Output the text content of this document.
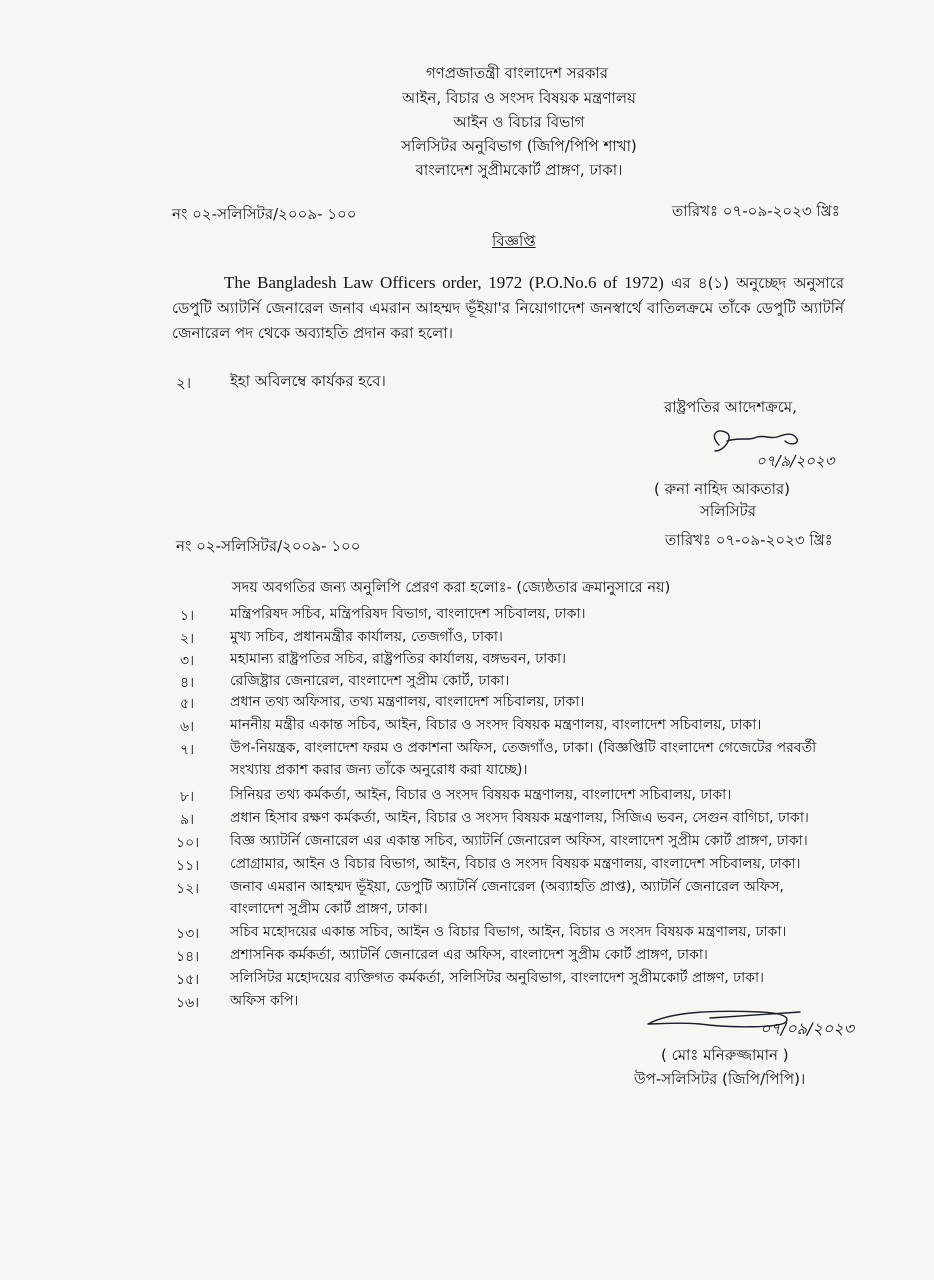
গণপ্রজাতন্ত্রী বাংলাদেশ সরকার
আইন, বিচার ও সংসদ বিষয়ক মন্ত্রণালয়
আইন ও বিচার বিভাগ
সলিসিটর অনুবিভাগ (জিপি/পিপি শাখা)
বাংলাদেশ সুপ্রীমকোর্ট প্রাঙ্গণ, ঢাকা।
নং ০২-সলিসিটর/২০০৯- ১০০	তারিখঃ ০৭-০৯-২০২৩ খ্রিঃ
বিজ্ঞপ্তি
The Bangladesh Law Officers order, 1972 (P.O.No.6 of 1972) এর ৪(১) অনুচ্ছেদ অনুসারে ডেপুটি অ্যাটর্নি জেনারেল জনাব এমরান আহম্মদ ভূঁইয়া'র নিয়োগাদেশ জনস্বার্থে বাতিলক্রমে তাঁকে ডেপুটি অ্যাটর্নি জেনারেল পদ থেকে অব্যাহতি প্রদান করা হলো।
২।	ইহা অবিলম্বে কার্যকর হবে।
রাষ্ট্রপতির আদেশক্রমে,
০৭/৯/২০২৩
( রুনা নাহিদ আকতার)
সলিসিটর
নং ০২-সলিসিটর/২০০৯- ১০০	তারিখঃ ০৭-০৯-২০২৩ খ্রিঃ
সদয় অবগতির জন্য অনুলিপি প্রেরণ করা হলোঃ- (জ্যেষ্ঠতার ক্রমানুসারে নয়)
১।	মন্ত্রিপরিষদ সচিব, মন্ত্রিপরিষদ বিভাগ, বাংলাদেশ সচিবালয়, ঢাকা।
২।	মুখ্য সচিব, প্রধানমন্ত্রীর কার্যালয়, তেজগাঁও, ঢাকা।
৩।	মহামান্য রাষ্ট্রপতির সচিব, রাষ্ট্রপতির কার্যালয়, বঙ্গভবন, ঢাকা।
৪।	রেজিষ্ট্রার জেনারেল, বাংলাদেশ সুপ্রীম কোর্ট, ঢাকা।
৫।	প্রধান তথ্য অফিসার, তথ্য মন্ত্রণালয়, বাংলাদেশ সচিবালয়, ঢাকা।
৬।	মাননীয় মন্ত্রীর একান্ত সচিব, আইন, বিচার ও সংসদ বিষয়ক মন্ত্রণালয়, বাংলাদেশ সচিবালয়, ঢাকা।
৭।	উপ-নিয়ন্ত্রক, বাংলাদেশ ফরম ও প্রকাশনা অফিস, তেজগাঁও, ঢাকা। (বিজ্ঞপ্তিটি বাংলাদেশ গেজেটের পরবর্তী
সংখ্যায় প্রকাশ করার জন্য তাঁকে অনুরোধ করা যাচ্ছে)।
৮।	সিনিয়র তথ্য কর্মকর্তা, আইন, বিচার ও সংসদ বিষয়ক মন্ত্রণালয়, বাংলাদেশ সচিবালয়, ঢাকা।
৯।	প্রধান হিসাব রক্ষণ কর্মকর্তা, আইন, বিচার ও সংসদ বিষয়ক মন্ত্রণালয়, সিজিএ ভবন, সেগুন বাগিচা, ঢাকা।
১০।	বিজ্ঞ অ্যাটর্নি জেনারেল এর একান্ত সচিব, অ্যাটর্নি জেনারেল অফিস, বাংলাদেশ সুপ্রীম কোর্ট প্রাঙ্গণ, ঢাকা।
১১।	প্রোগ্রামার, আইন ও বিচার বিভাগ, আইন, বিচার ও সংসদ বিষয়ক মন্ত্রণালয়, বাংলাদেশ সচিবালয়, ঢাকা।
১২।	জনাব এমরান আহম্মদ ভূঁইয়া, ডেপুটি অ্যাটর্নি জেনারেল (অব্যাহতি প্রাপ্ত), অ্যাটর্নি জেনারেল অফিস,
বাংলাদেশ সুপ্রীম কোর্ট প্রাঙ্গণ, ঢাকা।
১৩।	সচিব মহোদয়ের একান্ত সচিব, আইন ও বিচার বিভাগ, আইন, বিচার ও সংসদ বিষয়ক মন্ত্রণালয়, ঢাকা।
১৪।	প্রশাসনিক কর্মকর্তা, অ্যাটর্নি জেনারেল এর অফিস, বাংলাদেশ সুপ্রীম কোর্ট প্রাঙ্গণ, ঢাকা।
১৫।	সলিসিটর মহোদয়ের ব্যক্তিগত কর্মকর্তা, সলিসিটর অনুবিভাগ, বাংলাদেশ সুপ্রীমকোর্ট প্রাঙ্গণ, ঢাকা।
১৬।	অফিস কপি।
০৭/০৯/২০২৩
( মোঃ মনিরুজ্জামান )
উপ-সলিসিটর (জিপি/পিপি)।
